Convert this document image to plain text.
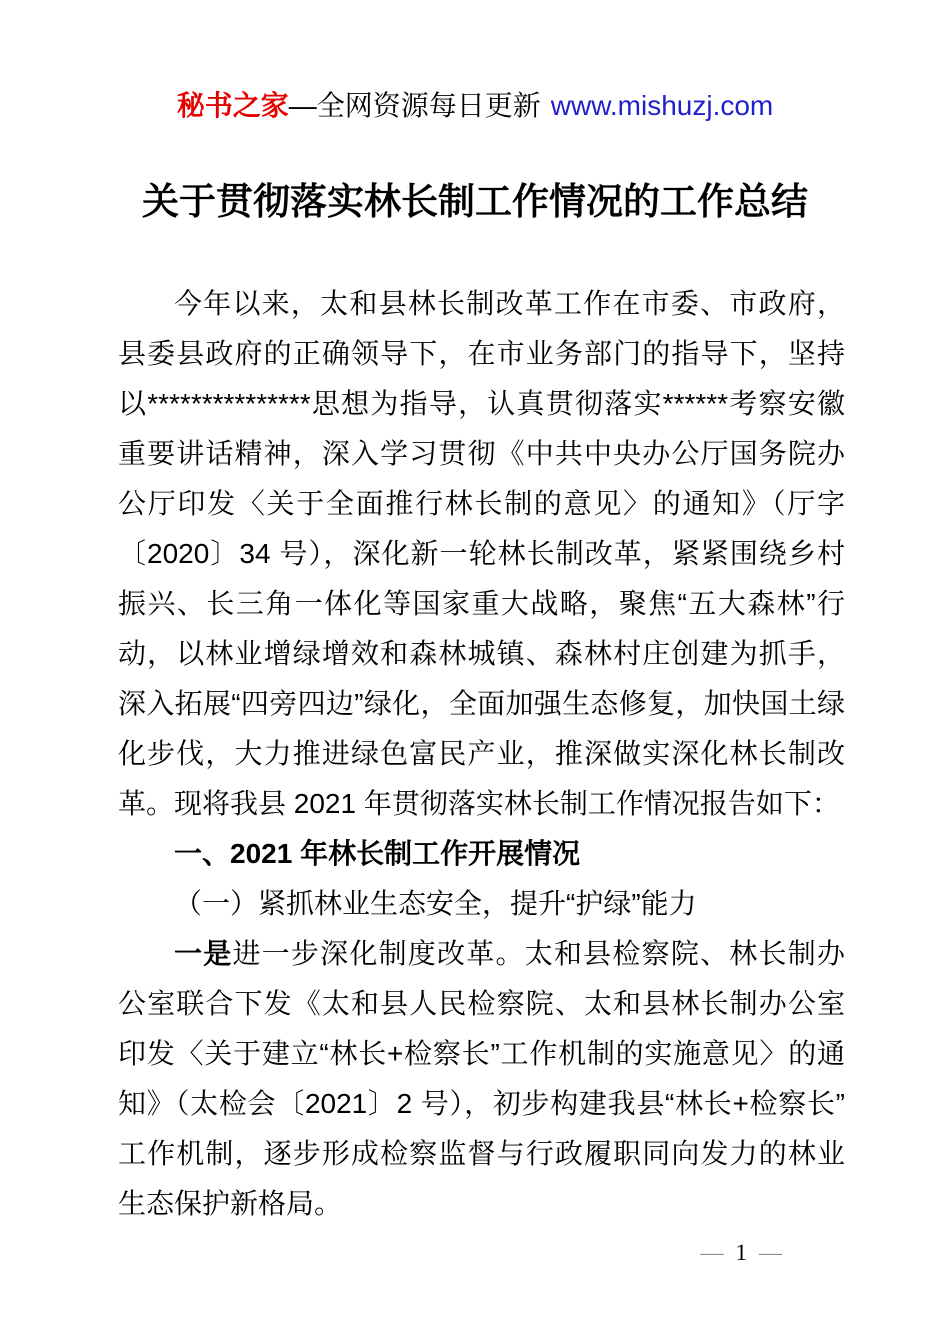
秘书之家—全网资源每日更新 www.mishuzj.com
关于贯彻落实林长制工作情况的工作总结

今年以来，太和县林长制改革工作在市委、市政府，县委县政府的正确领导下，在市业务部门的指导下，坚持以***************思想为指导，认真贯彻落实******考察安徽重要讲话精神，深入学习贯彻《中共中央办公厅国务院办公厅印发〈关于全面推行林长制的意见〉的通知》（厅字〔2020〕34 号），深化新一轮林长制改革，紧紧围绕乡村振兴、长三角一体化等国家重大战略，聚焦“五大森林”行动，以林业增绿增效和森林城镇、森林村庄创建为抓手，深入拓展“四旁四边”绿化，全面加强生态修复，加快国土绿化步伐，大力推进绿色富民产业，推深做实深化林长制改革。现将我县 2021 年贯彻落实林长制工作情况报告如下：

一、2021 年林长制工作开展情况

（一）紧抓林业生态安全，提升“护绿”能力

一是进一步深化制度改革。太和县检察院、林长制办公室联合下发《太和县人民检察院、太和县林长制办公室印发〈关于建立“林长+检察长”工作机制的实施意见〉的通知》（太检会〔2021〕2 号），初步构建我县“林长+检察长”工作机制，逐步形成检察监督与行政履职同向发力的林业生态保护新格局。

— 1 —
